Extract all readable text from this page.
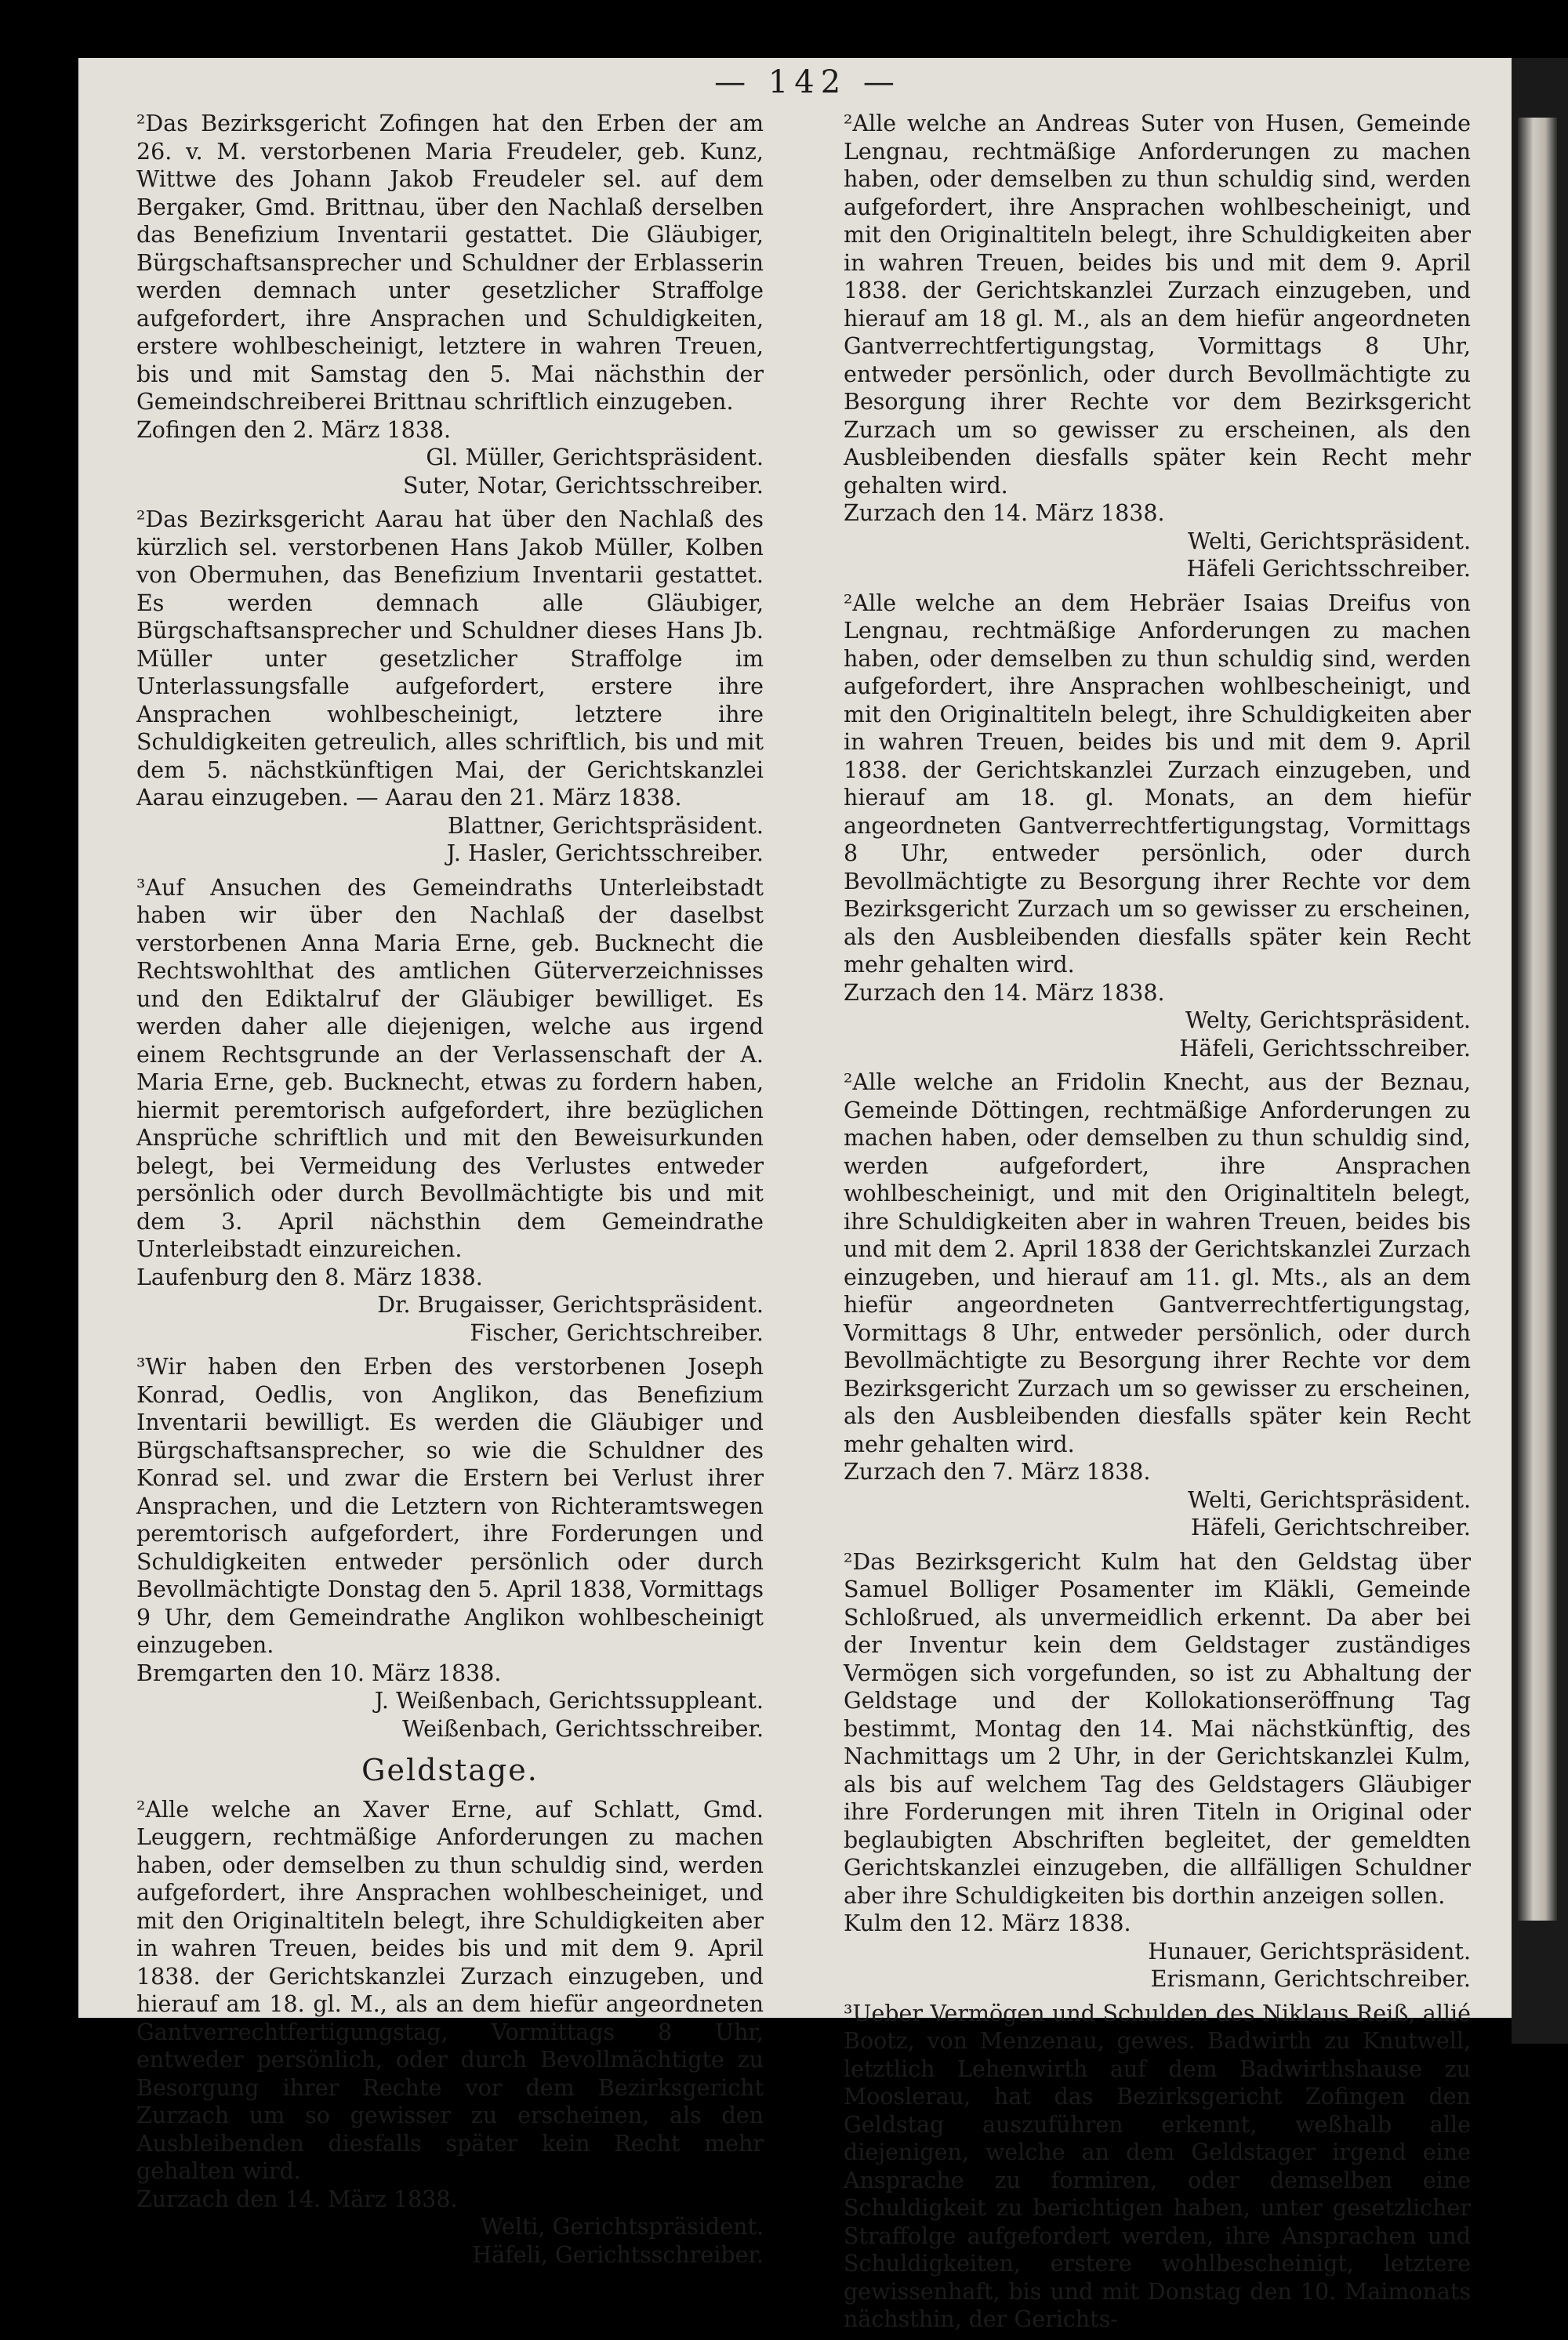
— 142 —

²Das Bezirksgericht Zofingen hat den Erben der am 26. v. M. verstorbenen Maria Freudeler, geb. Kunz, Wittwe des Johann Jakob Freudeler sel. auf dem Bergaker, Gmd. Brittnau, über den Nachlaß derselben das Benefizium Inventarii gestattet. Die Gläubiger, Bürgschaftsansprecher und Schuldner der Erblasserin werden demnach unter gesetzlicher Straffolge aufgefordert, ihre Ansprachen und Schuldigkeiten, erstere wohlbescheinigt, letztere in wahren Treuen, bis und mit Samstag den 5. Mai nächsthin der Gemeindschreiberei Brittnau schriftlich einzugeben.

Zofingen den 2. März 1838.

Gl. Müller, Gerichtspräsident.

Suter, Notar, Gerichtsschreiber.

²Das Bezirksgericht Aarau hat über den Nachlaß des kürzlich sel. verstorbenen Hans Jakob Müller, Kolben von Obermuhen, das Benefizium Inventarii gestattet. Es werden demnach alle Gläubiger, Bürgschaftsansprecher und Schuldner dieses Hans Jb. Müller unter gesetzlicher Straffolge im Unterlassungsfalle aufgefordert, erstere ihre Ansprachen wohlbescheinigt, letztere ihre Schuldigkeiten getreulich, alles schriftlich, bis und mit dem 5. nächstkünftigen Mai, der Gerichtskanzlei Aarau einzugeben. — Aarau den 21. März 1838.

Blattner, Gerichtspräsident.

J. Hasler, Gerichtsschreiber.

³Auf Ansuchen des Gemeindraths Unterleibstadt haben wir über den Nachlaß der daselbst verstorbenen Anna Maria Erne, geb. Bucknecht die Rechtswohlthat des amtlichen Güterverzeichnisses und den Ediktalruf der Gläubiger bewilliget. Es werden daher alle diejenigen, welche aus irgend einem Rechtsgrunde an der Verlassenschaft der A. Maria Erne, geb. Bucknecht, etwas zu fordern haben, hiermit peremtorisch aufgefordert, ihre bezüglichen Ansprüche schriftlich und mit den Beweisurkunden belegt, bei Vermeidung des Verlustes entweder persönlich oder durch Bevollmächtigte bis und mit dem 3. April nächsthin dem Gemeindrathe Unterleibstadt einzureichen.

Laufenburg den 8. März 1838.

Dr. Brugaisser, Gerichtspräsident.

Fischer, Gerichtschreiber.

³Wir haben den Erben des verstorbenen Joseph Konrad, Oedlis, von Anglikon, das Benefizium Inventarii bewilligt. Es werden die Gläubiger und Bürgschaftsansprecher, so wie die Schuldner des Konrad sel. und zwar die Erstern bei Verlust ihrer Ansprachen, und die Letztern von Richteramtswegen peremtorisch aufgefordert, ihre Forderungen und Schuldigkeiten entweder persönlich oder durch Bevollmächtigte Donstag den 5. April 1838, Vormittags 9 Uhr, dem Gemeindrathe Anglikon wohlbescheinigt einzugeben.

Bremgarten den 10. März 1838.

J. Weißenbach, Gerichtssuppleant.

Weißenbach, Gerichtsschreiber.

Geldstage.

²Alle welche an Xaver Erne, auf Schlatt, Gmd. Leuggern, rechtmäßige Anforderungen zu machen haben, oder demselben zu thun schuldig sind, werden aufgefordert, ihre Ansprachen wohlbescheiniget, und mit den Originaltiteln belegt, ihre Schuldigkeiten aber in wahren Treuen, beides bis und mit dem 9. April 1838. der Gerichtskanzlei Zurzach einzugeben, und hierauf am 18. gl. M., als an dem hiefür angeordneten Gantverrechtfertigungstag, Vormittags 8 Uhr, entweder persönlich, oder durch Bevollmächtigte zu Besorgung ihrer Rechte vor dem Bezirksgericht Zurzach um so gewisser zu erscheinen, als den Ausbleibenden diesfalls später kein Recht mehr gehalten wird.

Zurzach den 14. März 1838.

Welti, Gerichtspräsident.

Häfeli, Gerichtsschreiber.

²Alle welche an Andreas Suter von Husen, Gemeinde Lengnau, rechtmäßige Anforderungen zu machen haben, oder demselben zu thun schuldig sind, werden aufgefordert, ihre Ansprachen wohlbescheinigt, und mit den Originaltiteln belegt, ihre Schuldigkeiten aber in wahren Treuen, beides bis und mit dem 9. April 1838. der Gerichtskanzlei Zurzach einzugeben, und hierauf am 18 gl. M., als an dem hiefür angeordneten Gantverrechtfertigungstag, Vormittags 8 Uhr, entweder persönlich, oder durch Bevollmächtigte zu Besorgung ihrer Rechte vor dem Bezirksgericht Zurzach um so gewisser zu erscheinen, als den Ausbleibenden diesfalls später kein Recht mehr gehalten wird.

Zurzach den 14. März 1838.

Welti, Gerichtspräsident.

Häfeli Gerichtsschreiber.

²Alle welche an dem Hebräer Isaias Dreifus von Lengnau, rechtmäßige Anforderungen zu machen haben, oder demselben zu thun schuldig sind, werden aufgefordert, ihre Ansprachen wohlbescheinigt, und mit den Originaltiteln belegt, ihre Schuldigkeiten aber in wahren Treuen, beides bis und mit dem 9. April 1838. der Gerichtskanzlei Zurzach einzugeben, und hierauf am 18. gl. Monats, an dem hiefür angeordneten Gantverrechtfertigungstag, Vormittags 8 Uhr, entweder persönlich, oder durch Bevollmächtigte zu Besorgung ihrer Rechte vor dem Bezirksgericht Zurzach um so gewisser zu erscheinen, als den Ausbleibenden diesfalls später kein Recht mehr gehalten wird.

Zurzach den 14. März 1838.

Welty, Gerichtspräsident.

Häfeli, Gerichtsschreiber.

²Alle welche an Fridolin Knecht, aus der Beznau, Gemeinde Döttingen, rechtmäßige Anforderungen zu machen haben, oder demselben zu thun schuldig sind, werden aufgefordert, ihre Ansprachen wohlbescheinigt, und mit den Originaltiteln belegt, ihre Schuldigkeiten aber in wahren Treuen, beides bis und mit dem 2. April 1838 der Gerichtskanzlei Zurzach einzugeben, und hierauf am 11. gl. Mts., als an dem hiefür angeordneten Gantverrechtfertigungstag, Vormittags 8 Uhr, entweder persönlich, oder durch Bevollmächtigte zu Besorgung ihrer Rechte vor dem Bezirksgericht Zurzach um so gewisser zu erscheinen, als den Ausbleibenden diesfalls später kein Recht mehr gehalten wird.

Zurzach den 7. März 1838.

Welti, Gerichtspräsident.

Häfeli, Gerichtschreiber.

²Das Bezirksgericht Kulm hat den Geldstag über Samuel Bolliger Posamenter im Kläkli, Gemeinde Schloßrued, als unvermeidlich erkennt. Da aber bei der Inventur kein dem Geldstager zuständiges Vermögen sich vorgefunden, so ist zu Abhaltung der Geldstage und der Kollokationseröffnung Tag bestimmt, Montag den 14. Mai nächstkünftig, des Nachmittags um 2 Uhr, in der Gerichtskanzlei Kulm, als bis auf welchem Tag des Geldstagers Gläubiger ihre Forderungen mit ihren Titeln in Original oder beglaubigten Abschriften begleitet, der gemeldten Gerichtskanzlei einzugeben, die allfälligen Schuldner aber ihre Schuldigkeiten bis dorthin anzeigen sollen.

Kulm den 12. März 1838.

Hunauer, Gerichtspräsident.

Erismann, Gerichtschreiber.

³Ueber Vermögen und Schulden des Niklaus Reiß, allié Bootz, von Menzenau, gewes. Badwirth zu Knutwell, letztlich Lehenwirth auf dem Badwirthshause zu Mooslerau, hat das Bezirksgericht Zofingen den Geldstag auszuführen erkennt, weßhalb alle diejenigen, welche an dem Geldstager irgend eine Ansprache zu formiren, oder demselben eine Schuldigkeit zu berichtigen haben, unter gesetzlicher Straffolge aufgefordert werden, ihre Ansprachen und Schuldigkeiten, erstere wohlbescheinigt, letztere gewissenhaft, bis und mit Donstag den 10. Maimonats nächsthin, der Gerichts-
